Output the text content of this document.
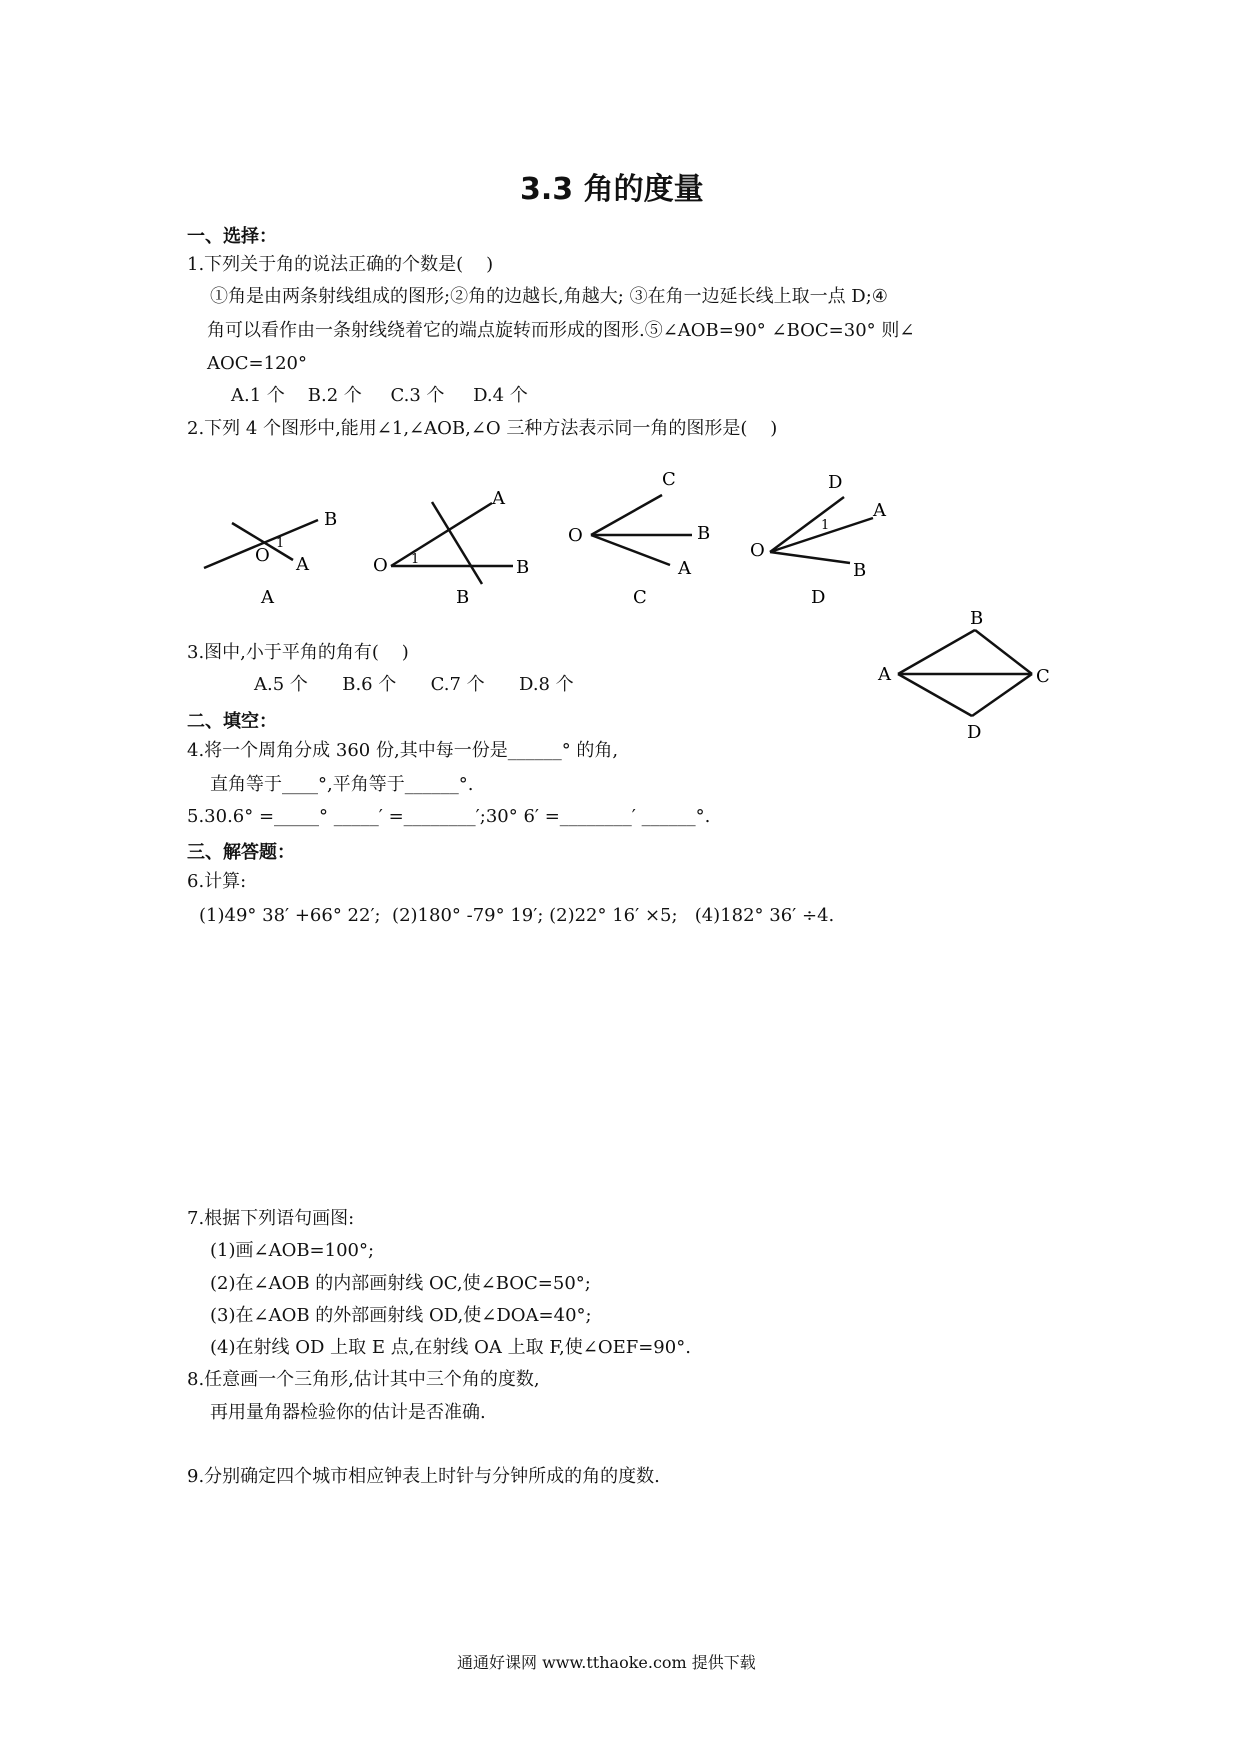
3.3 角的度量
一、选择：
1.下列关于角的说法正确的个数是(    )
①角是由两条射线组成的图形;②角的边越长,角越大; ③在角一边延长线上取一点 D;④
角可以看作由一条射线绕着它的端点旋转而形成的图形.⑤∠AOB=90° ∠BOC=30° 则∠
AOC=120°
A.1 个    B.2 个     C.3 个     D.4 个
2.下列 4 个图形中,能用∠1,∠AOB,∠O 三种方法表示同一角的图形是(    )
B
O
1
A
A
A
O 1	B
B
C
O	B
A
C
D
1
A
O
B
D
B
A	C
D
3.图中,小于平角的角有(    )
A.5 个      B.6 个      C.7 个      D.8 个
二、填空：
4.将一个周角分成 360 份,其中每一份是______° 的角,
直角等于____°,平角等于______°.
5.30.6° =_____° _____′ =________′;30° 6′ =________′ ______°.
三、解答题：
6.计算:
(1)49° 38′ +66° 22′;  (2)180° -79° 19′; (2)22° 16′ ×5;   (4)182° 36′ ÷4.
7.根据下列语句画图:
(1)画∠AOB=100°;
(2)在∠AOB 的内部画射线 OC,使∠BOC=50°;
(3)在∠AOB 的外部画射线 OD,使∠DOA=40°;
(4)在射线 OD 上取 E 点,在射线 OA 上取 F,使∠OEF=90°.
8.任意画一个三角形,估计其中三个角的度数,
再用量角器检验你的估计是否准确.
9.分别确定四个城市相应钟表上时针与分钟所成的角的度数.
通通好课网 www.tthaoke.com 提供下载
